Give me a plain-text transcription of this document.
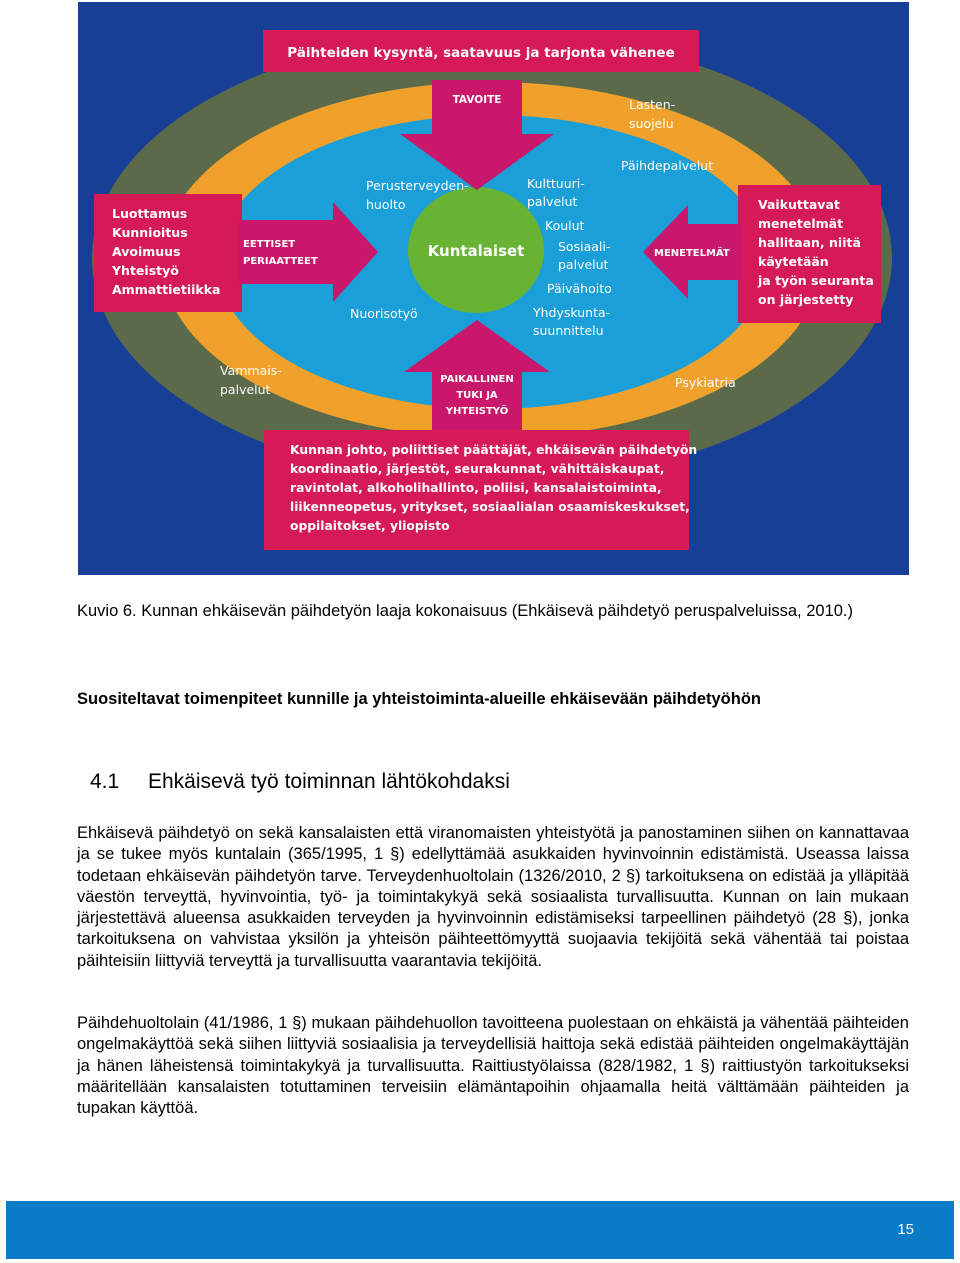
Päihteiden kysyntä, saatavuus ja tarjonta vähenee
TAVOITE
Luottamus
Kunnioitus
Avoimuus
Yhteistyö
Ammattietiikka
EETTISET
PERIAATTEET
Vaikuttavat
menetelmät
hallitaan, niitä
käytetään
ja työn seuranta
on järjestetty
MENETELMÄT
PAIKALLINEN
TUKI JA
YHTEISTYÖ
Kunnan johto, poliittiset päättäjät, ehkäisevän päihdetyön
koordinaatio, järjestöt, seurakunnat, vähittäiskaupat,
ravintolat, alkoholihallinto, poliisi, kansalaistoiminta,
liikenneopetus, yritykset, sosiaalialan osaamiskeskukset,
oppilaitokset, yliopisto
Kuntalaiset
Lasten-
suojelu
Vammais-
palvelut	Psykiatria
Päihdepalvelut
Perusterveyden-
huolto
Nuorisotyö
Kulttuuri-
palvelut
Koulut
Sosiaali-
palvelut
Päivähoito
Yhdyskunta-
suunnittelu
Kuvio 6. Kunnan ehkäisevän päihdetyön laaja kokonaisuus (Ehkäisevä päihdetyö peruspalveluissa, 2010.)
Suositeltavat toimenpiteet kunnille ja yhteistoiminta-alueille ehkäisevään päihdetyöhön
4.1 Ehkäisevä työ toiminnan lähtökohdaksi
Ehkäisevä päihdetyö on sekä kansalaisten että viranomaisten yhteistyötä ja panostaminen siihen on kannattavaa ja se tukee myös kuntalain (365/1995, 1 §) edellyttämää asukkaiden hyvinvoinnin edistämistä. Useassa laissa todetaan ehkäisevän päihdetyön tarve. Terveydenhuoltolain (1326/2010, 2 §) tarkoituksena on edistää ja ylläpitää väestön terveyttä, hyvinvointia, työ- ja toimintakykyä sekä sosiaalista turvallisuutta. Kunnan on lain mukaan järjestettävä alueensa asukkaiden terveyden ja hyvinvoinnin edistämiseksi tarpeellinen päihdetyö (28 §), jonka tarkoituksena on vahvistaa yksilön ja yhteisön päihteettömyyttä suojaavia tekijöitä sekä vähentää tai poistaa päihteisiin liittyviä terveyttä ja turvallisuutta vaarantavia tekijöitä.
Päihdehuoltolain (41/1986, 1 §) mukaan päihdehuollon tavoitteena puolestaan on ehkäistä ja vähentää päihteiden ongelmakäyttöä sekä siihen liittyviä sosiaalisia ja terveydellisiä haittoja sekä edistää päihteiden ongelmakäyttäjän ja hänen läheistensä toimintakykyä ja turvallisuutta. Raittiustyölaissa (828/1982, 1 §) raittiustyön tarkoitukseksi määritellään kansalaisten totuttaminen terveisiin elämäntapoihin ohjaamalla heitä välttämään päihteiden ja tupakan käyttöä.
15
